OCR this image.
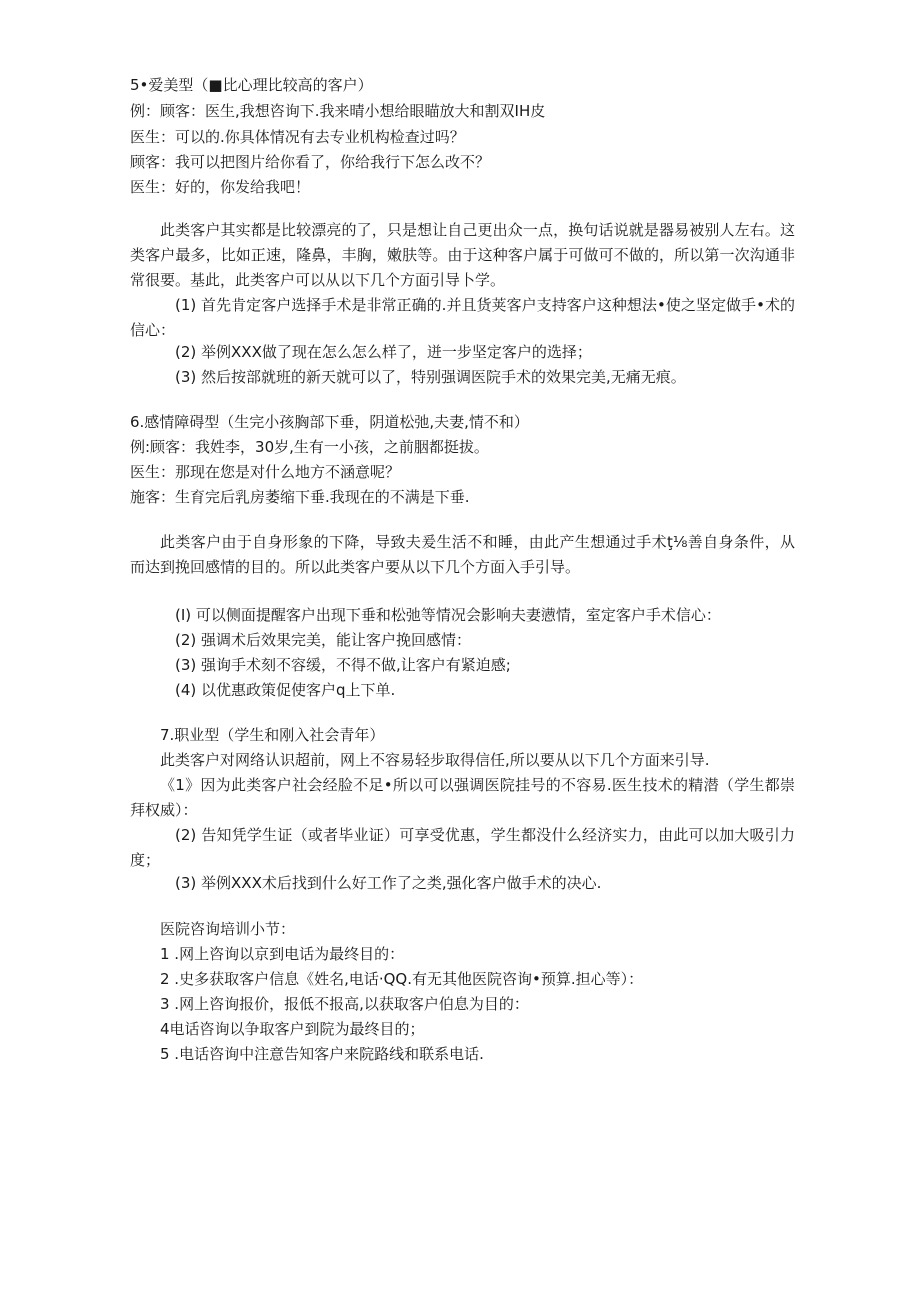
5•爱美型（■比心理比较高的客户）
例：顾客：医生,我想咨询下.我来晴小想给眼瞄放大和割双IH皮
医生：可以的.你具体情况有去专业机构检查过吗？
顾客：我可以把图片给你看了，你给我行下怎么改不？
医生：好的，你发给我吧！
此类客户其实都是比较漂亮的了，只是想让自己更出众一点，换句话说就是器易被别人左右。这类客户最多，比如正速，隆鼻，丰胸，嫩肤等。由于这种客户属于可做可不做的，所以第一次沟通非常很要。基此，此类客户可以从以下几个方面引导卜学。
(1) 首先肯定客户选择手术是非常正确的.并且货荚客户支持客户这种想法•使之坚定做手•术的信心：
(2) 举例XXX做了现在怎么怎么样了，迸一步坚定客户的选择；
(3) 然后按部就班的新天就可以了，特别强调医院手术的效果完美,无痛无痕。
6.感情障碍型（生完小孩胸部下垂，阴道松弛,夫妻,情不和）
例:顾客：我姓李，30岁,生有一小孩，之前胭都挺拔。
医生：那现在您是对什么地方不涵意呢？
施客：生育完后乳房萎缩下垂.我现在的不满是下垂.
此类客户由于自身形象的下降，导致夫爰生活不和睡，由此产生想通过手术ţ⅛善自身条件，从而达到挽回感情的目的。所以此类客户要从以下几个方面入手引导。
(I) 可以侧面提醒客户出现下垂和松弛等情况会影响夫妻懑情，室定客户手术信心：
(2) 强调术后效果完美，能让客户挽回感情：
(3) 强询手术刻不容缓，不得不做,让客户有紧迫感;
(4) 以优惠政策促使客户q上下单.
7.职业型（学生和刚入社会青年）
此类客户对网络认识超前，网上不容易轻步取得信任,所以要从以下几个方面来引导.
《1》因为此类客户社会经脸不足•所以可以强调医院挂号的不容易.医生技术的精潜（学生都崇拜权威）：
(2) 告知凭学生证（或者毕业证）可享受优惠，学生都没什么经济实力，由此可以加大吸引力度；
(3) 举例XXX术后找到什么好工作了之类,强化客户做手术的决心.
医院咨询培训小节：
1 .网上咨询以京到电话为最终目的：
2 .史多获取客户信息《姓名,电话·QQ.有无其他医院咨询•预算.担心等）：
3 .网上咨询报价，报低不报高,以获取客户伯息为目的：
4电话咨询以争取客户到院为最终目的；
5 .电话咨询中注意告知客户来院路线和联系电话.
